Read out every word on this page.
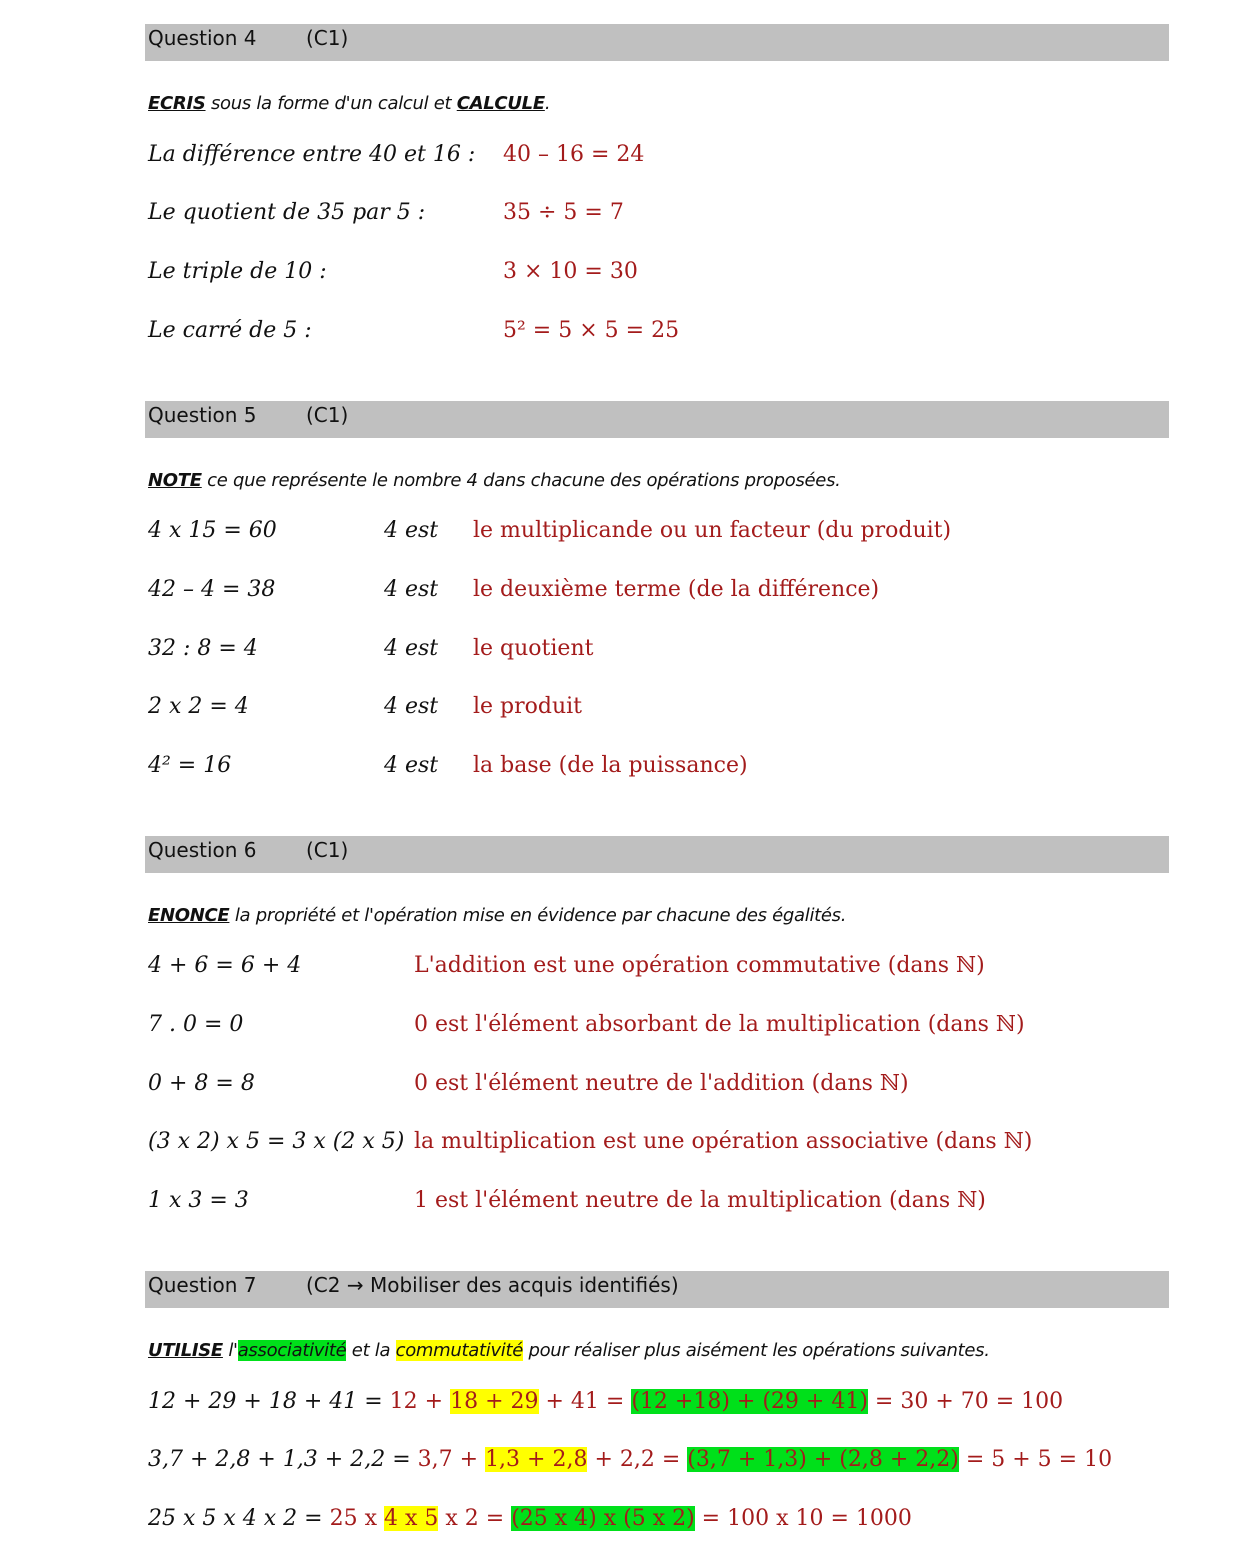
Question 4 (C1)
ECRIS sous la forme d'un calcul et CALCULE.
La différence entre 40 et 16 : 40 – 16 = 24
Le quotient de 35 par 5 :	35 ÷ 5 = 7
Le triple de 10 :	3 × 10 = 30
Le carré de 5 :	5² = 5 × 5 = 25
Question 5 (C1)
NOTE ce que représente le nombre 4 dans chacune des opérations proposées.
4 x 15 = 60	4 est le multiplicande ou un facteur (du produit)
42 – 4 = 38	4 est le deuxième terme (de la différence)
32 : 8 = 4	4 est le quotient
2 x 2 = 4	4 est le produit
4² = 16	4 est la base (de la puissance)
Question 6 (C1)
ENONCE la propriété et l'opération mise en évidence par chacune des égalités.
4 + 6 = 6 + 4	L'addition est une opération commutative (dans ℕ)
7 . 0 = 0	0 est l'élément absorbant de la multiplication (dans ℕ)
0 + 8 = 8	0 est l'élément neutre de l'addition (dans ℕ)
(3 x 2) x 5 = 3 x (2 x 5) la multiplication est une opération associative (dans ℕ)
1 x 3 = 3	1 est l'élément neutre de la multiplication (dans ℕ)
Question 7 (C2 → Mobiliser des acquis identifiés)
UTILISE l'associativité et la commutativité pour réaliser plus aisément les opérations suivantes.
12 + 29 + 18 + 41 = 12 + 18 + 29 + 41 = (12 +18) + (29 + 41) = 30 + 70 = 100
3,7 + 2,8 + 1,3 + 2,2 = 3,7 + 1,3 + 2,8 + 2,2 = (3,7 + 1,3) + (2,8 + 2,2) = 5 + 5 = 10
25 x 5 x 4 x 2 = 25 x 4 x 5 x 2 = (25 x 4) x (5 x 2) = 100 x 10 = 1000
